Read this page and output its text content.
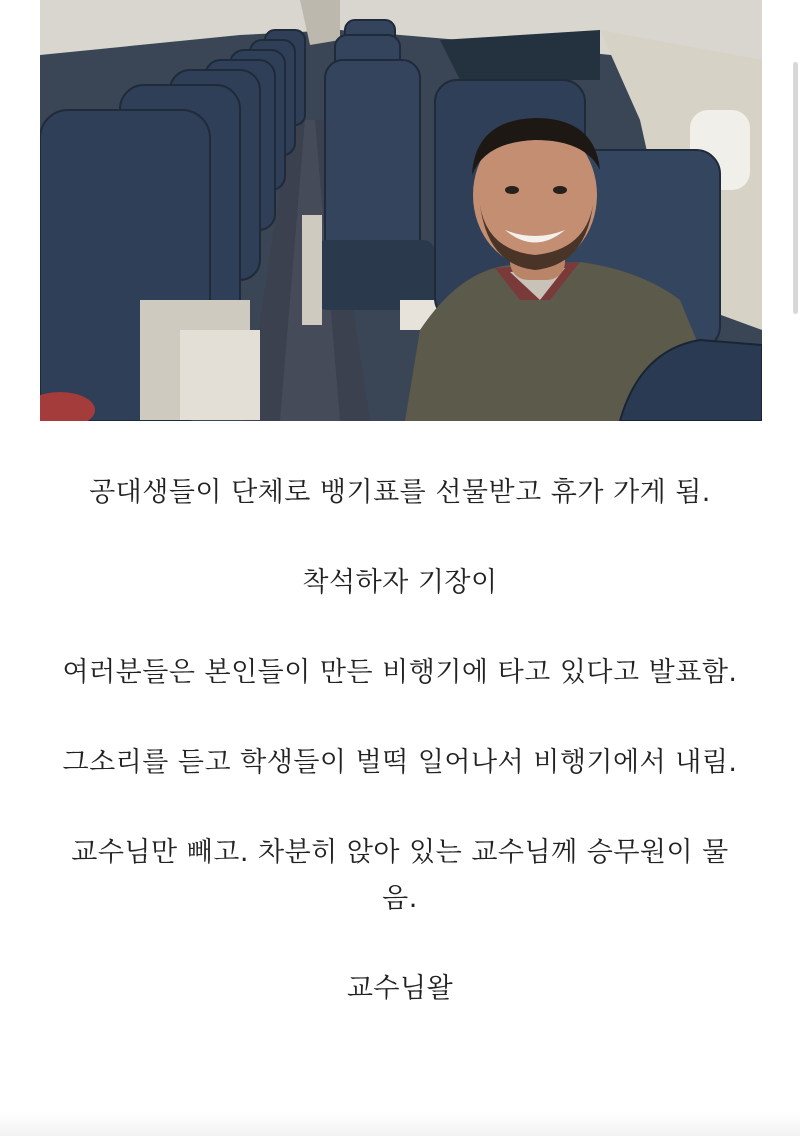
공대생들이 단체로 뱅기표를 선물받고 휴가 가게 됨.

착석하자 기장이

여러분들은 본인들이 만든 비행기에 타고 있다고 발표함.

그소리를 듣고 학생들이 벌떡 일어나서 비행기에서 내림.

교수님만 빼고. 차분히 앉아 있는 교수님께 승무원이 물음.

교수님왈
